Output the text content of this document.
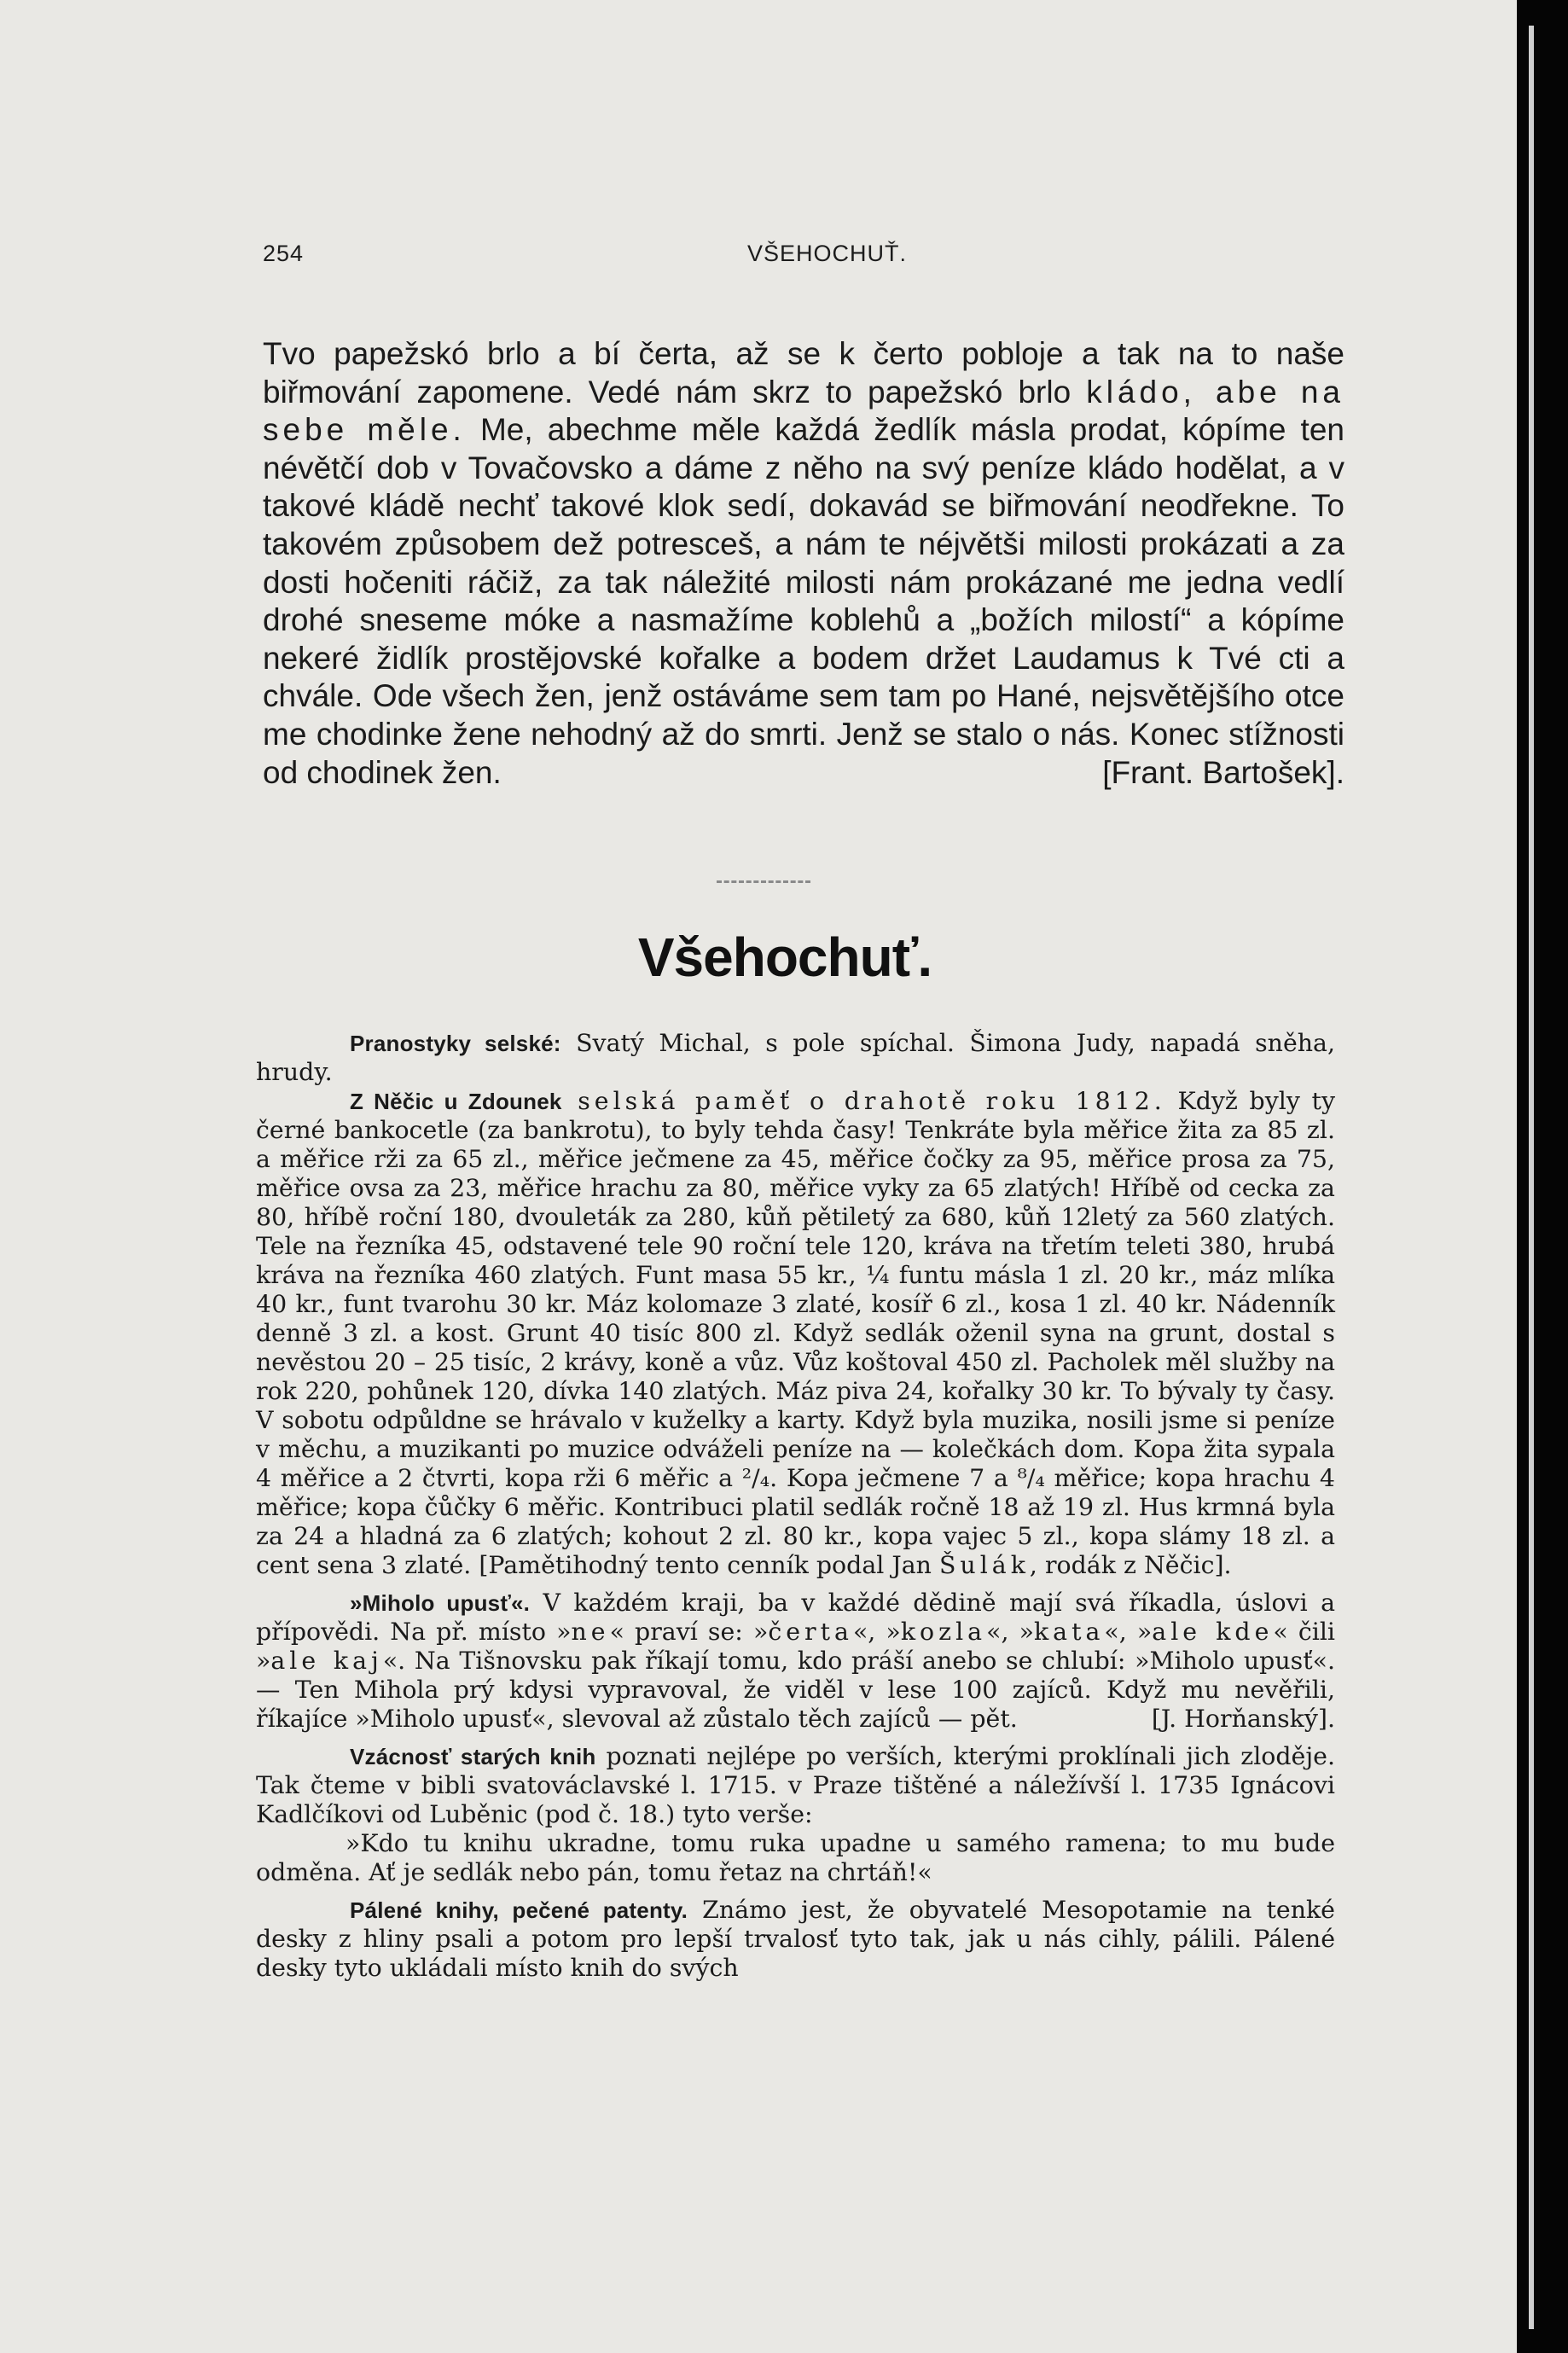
254	VŠEHOCHUŤ.

Tvo papežskó brlo a bí čerta, až se k čerto pobloje a tak na to naše biřmování zapomene. Vedé nám skrz to papežskó brlo kládo, abe na sebe měle. Me, abechme měle každá žedlík másla prodat, kópíme ten névětčí dob v Tovačovsko a dáme z něho na svý peníze kládo hodělat, a v takové kládě nechť takové klok sedí, dokavád se biřmování neodřekne. To takovém způsobem dež potresceš, a nám te néjvětši milosti prokázati a za dosti hočeniti ráčiž, za tak náležité milosti nám prokázané me jedna vedlí drohé sneseme móke a nasmažíme koblehů a „božích milostí“ a kópíme nekeré židlík prostějovské kořalke a bodem držet Laudamus k Tvé cti a chvále. Ode všech žen, jenž ostáváme sem tam po Hané, nejsvětějšího otce me chodinke žene nehodný až do smrti. Jenž se stalo o nás. Konec stížnosti od chodinek žen.	[Frant. Bartošek].

Všehochuť.

Pranostyky selské: Svatý Michal, s pole spíchal. Šimona Judy, napadá sněha, hrudy.

Z Něčic u Zdounek selská paměť o drahotě roku 1812. Když byly ty černé bankocetle (za bankrotu), to byly tehda časy! Tenkráte byla měřice žita za 85 zl. a měřice rži za 65 zl., měřice ječmene za 45, měřice čočky za 95, měřice prosa za 75, měřice ovsa za 23, měřice hrachu za 80, měřice vyky za 65 zlatých! Hříbě od cecka za 80, hříbě roční 180, dvouleták za 280, kůň pětiletý za 680, kůň 12letý za 560 zlatých. Tele na řezníka 45, odstavené tele 90 roční tele 120, kráva na třetím teleti 380, hrubá kráva na řezníka 460 zlatých. Funt masa 55 kr., ¼ funtu másla 1 zl. 20 kr., máz mlíka 40 kr., funt tvarohu 30 kr. Máz kolomaze 3 zlaté, kosíř 6 zl., kosa 1 zl. 40 kr. Nádenník denně 3 zl. a kost. Grunt 40 tisíc 800 zl. Když sedlák oženil syna na grunt, dostal s nevěstou 20 – 25 tisíc, 2 krávy, koně a vůz. Vůz koštoval 450 zl. Pacholek měl služby na rok 220, pohůnek 120, dívka 140 zlatých. Máz piva 24, kořalky 30 kr. To bývaly ty časy. V sobotu odpůldne se hrávalo v kuželky a karty. Když byla muzika, nosili jsme si peníze v měchu, a muzikanti po muzice odváželi peníze na — kolečkách dom. Kopa žita sypala 4 měřice a 2 čtvrti, kopa rži 6 měřic a ²/₄. Kopa ječmene 7 a ⁸/₄ měřice; kopa hrachu 4 měřice; kopa čůčky 6 měřic. Kontribuci platil sedlák ročně 18 až 19 zl. Hus krmná byla za 24 a hladná za 6 zlatých; kohout 2 zl. 80 kr., kopa vajec 5 zl., kopa slámy 18 zl. a cent sena 3 zlaté. [Pamětihodný tento cenník podal Jan Šulák, rodák z Něčic].

»Miholo upusť«. V každém kraji, ba v každé dědině mají svá říkadla, úslovi a přípovědi. Na př. místo »ne« praví se: »čerta«, »kozla«, »kata«, »ale kde« čili »ale kaj«. Na Tišnovsku pak říkají tomu, kdo práší anebo se chlubí: »Miholo upusť«. — Ten Mihola prý kdysi vypravoval, že viděl v lese 100 zajíců. Když mu nevěřili, říkajíce »Miholo upusť«, slevoval až zůstalo těch zajíců — pět.	[J. Horňanský].

Vzácnosť starých knih poznati nejlépe po verších, kterými proklínali jich zloděje. Tak čteme v bibli svatováclavské l. 1715. v Praze tištěné a náležívší l. 1735 Ignácovi Kadlčíkovi od Luběnic (pod č. 18.) tyto verše:

»Kdo tu knihu ukradne, tomu ruka upadne u samého ramena; to mu bude odměna. Ať je sedlák nebo pán, tomu řetaz na chrtáň!«

Pálené knihy, pečené patenty. Známo jest, že obyvatelé Mesopotamie na tenké desky z hliny psali a potom pro lepší trvalosť tyto tak, jak u nás cihly, pálili. Pálené desky tyto ukládali místo knih do svých
